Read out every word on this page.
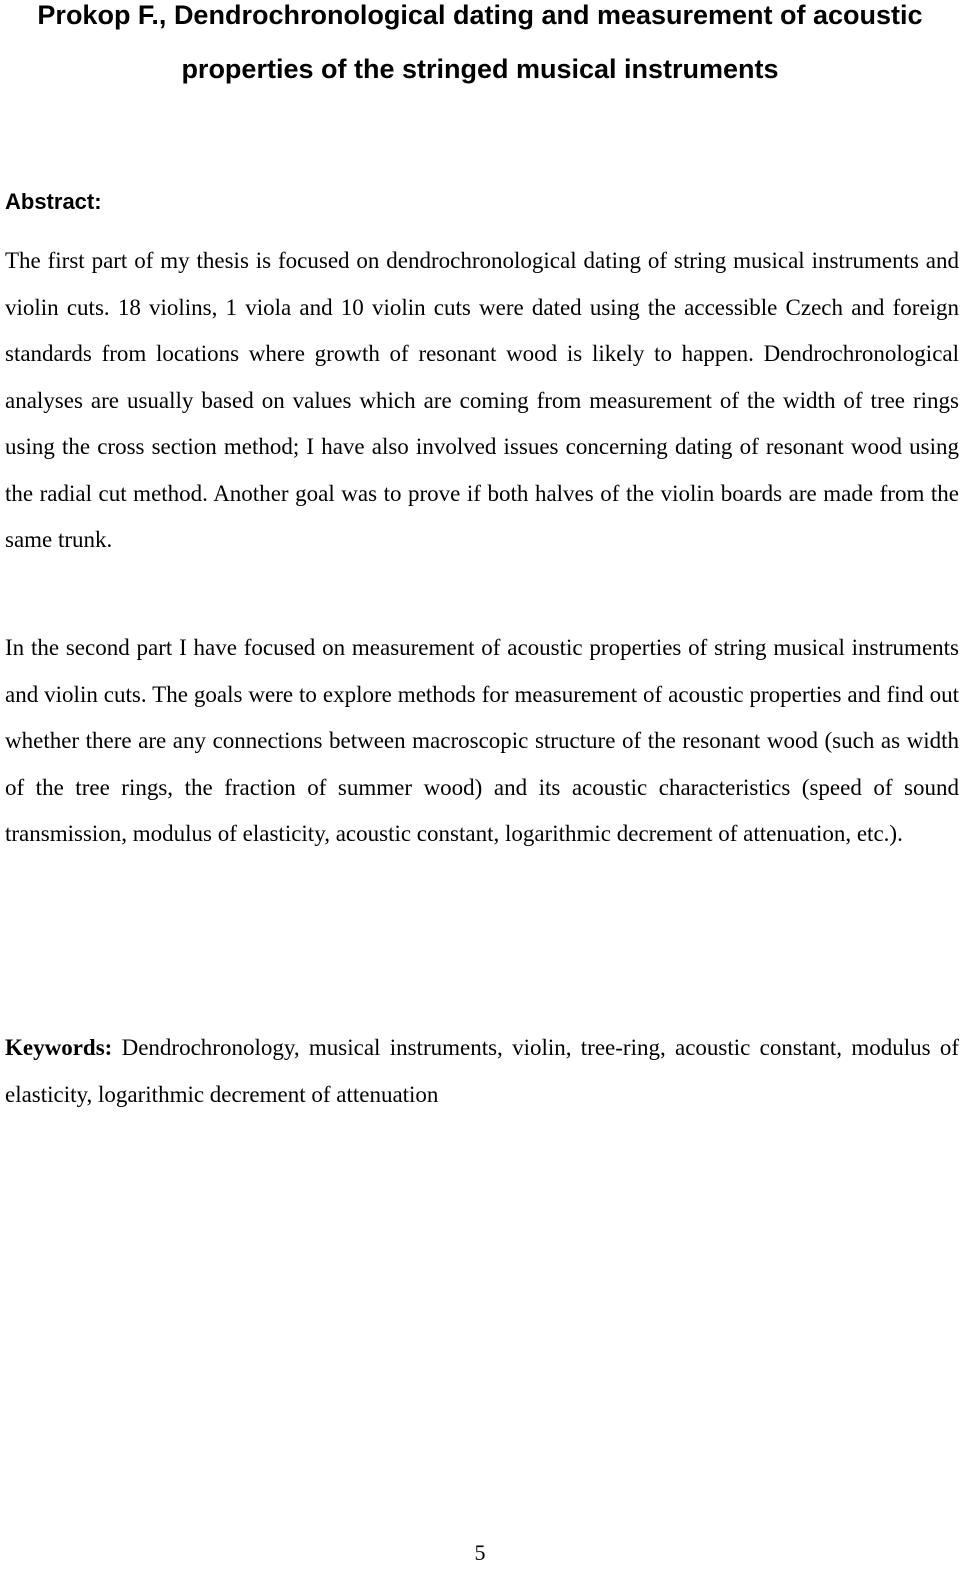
Prokop F., Dendrochronological dating and measurement of acoustic
properties of the stringed musical instruments
Abstract:

The first part of my thesis is focused on dendrochronological dating of string musical instruments and violin cuts. 18 violins, 1 viola and 10 violin cuts were dated using the accessible Czech and foreign standards from locations where growth of resonant wood is likely to happen. Dendrochronological analyses are usually based on values which are coming from measurement of the width of tree rings using the cross section method; I have also involved issues concerning dating of resonant wood using the radial cut method. Another goal was to prove if both halves of the violin boards are made from the same trunk.

In the second part I have focused on measurement of acoustic properties of string musical instruments and violin cuts. The goals were to explore methods for measurement of acoustic properties and find out whether there are any connections between macroscopic structure of the resonant wood (such as width of the tree rings, the fraction of summer wood) and its acoustic characteristics (speed of sound transmission, modulus of elasticity, acoustic constant, logarithmic decrement of attenuation, etc.).

Keywords: Dendrochronology, musical instruments, violin, tree-ring, acoustic constant, modulus of elasticity, logarithmic decrement of attenuation

5
